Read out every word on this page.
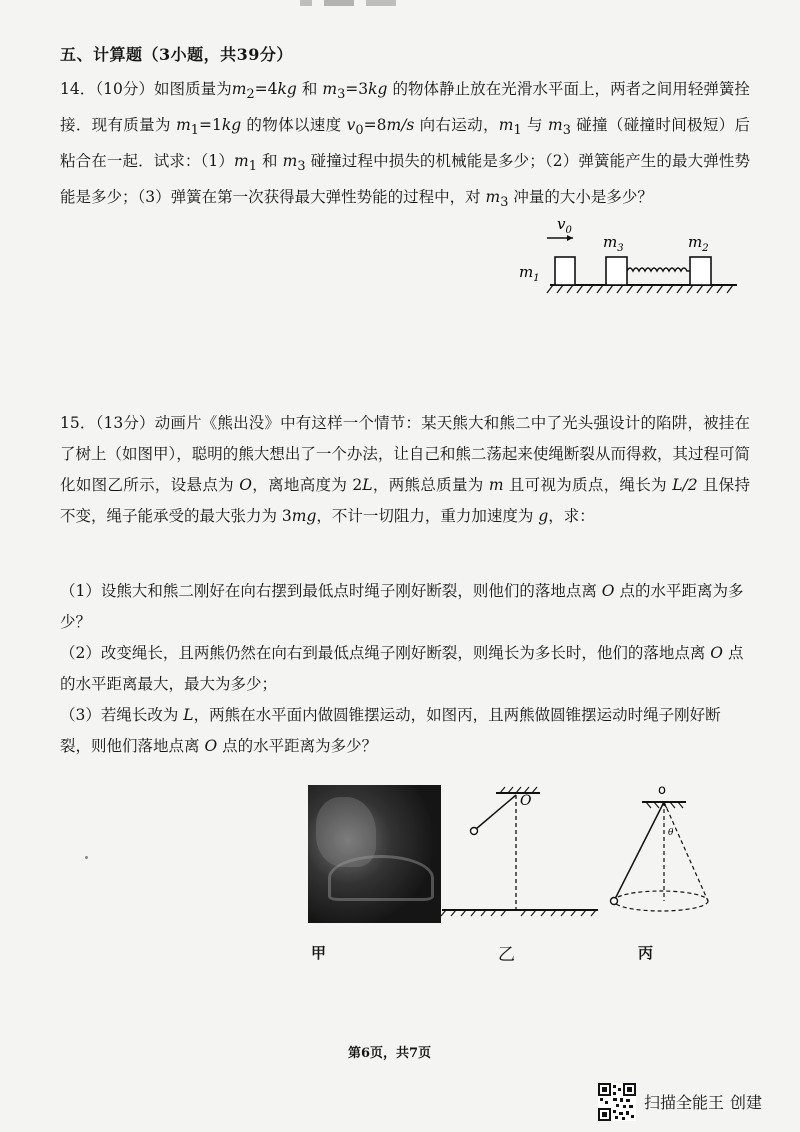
五、计算题（3小题，共39分）
14．（10分）如图质量为$m_2=4kg$ 和 $m_3=3kg$ 的物体静止放在光滑水平面上，两者之间用轻弹簧拴接．现有质量为 $m_1=1kg$ 的物体以速度 $v_0=8m/s$ 向右运动，$m_1$ 与 $m_3$ 碰撞（碰撞时间极短）后粘合在一起．试求：$(1)m_1$ 和 $m_3$ 碰撞过程中损失的机械能是多少；（2）弹簧能产生的最大弹性势能是多少；（3）弹簧在第一次获得最大弹性势能的过程中，对 $m_3$ 冲量的大小是多少？
$v_0$
$m_1$
$m_3$	$m_2$
15．（13分）动画片《熊出没》中有这样一个情节：某天熊大和熊二中了光头强设计的陷阱，被挂在了树上（如图甲），聪明的熊大想出了一个办法，让自己和熊二荡起来使绳断裂从而得救，其过程可简化如图乙所示，设悬点为 O，离地高度为 2L，两熊总质量为 m 且可视为质点，绳长为 L/2 且保持不变，绳子能承受的最大张力为 3mg，不计一切阻力，重力加速度为 g，求：
（1）设熊大和熊二刚好在向右摆到最低点时绳子刚好断裂，则他们的落地点离 O 点的水平距离为多少？
（2）改变绳长，且两熊仍然在向右到最低点绳子刚好断裂，则绳长为多长时，他们的落地点离 O 点的水平距离最大，最大为多少；
（3）若绳长改为 L，两熊在水平面内做圆锥摆运动，如图丙，且两熊做圆锥摆运动时绳子刚好断裂，则他们落地点离 O 点的水平距离为多少？
O
o
θ
甲	乙	丙
第6页，共7页
扫描全能王 创建
